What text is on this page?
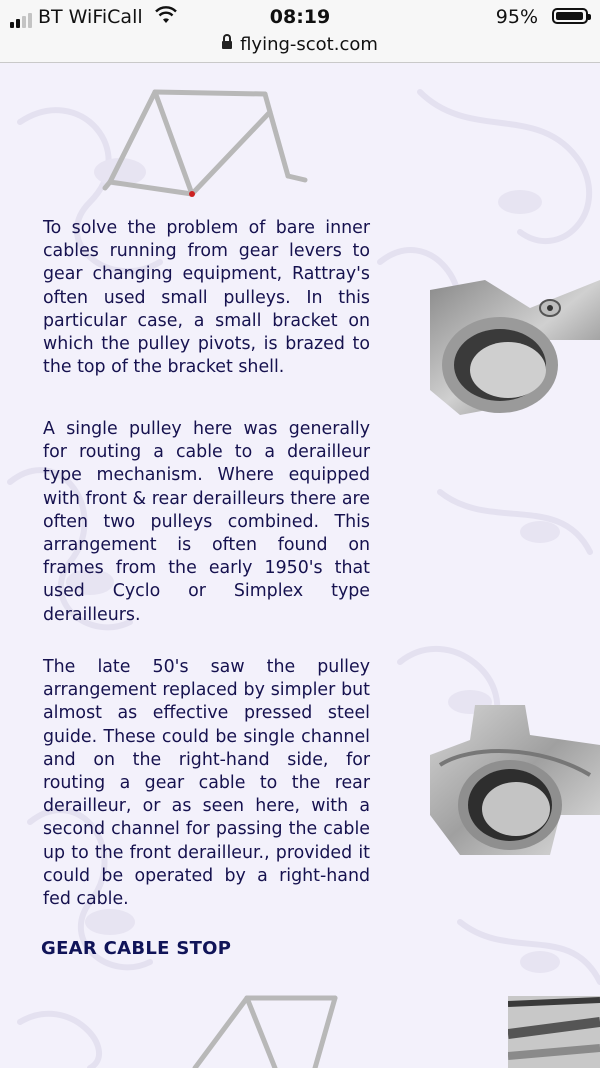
BT WiFiCall	08:19	95%
flying-scot.com

To solve the problem of bare inner cables running from gear levers to gear changing equipment, Rattray's often used small pulleys. In this particular case, a small bracket on which the pulley pivots, is brazed to the top of the bracket shell.

A single pulley here was generally for routing a cable to a derailleur type mechanism. Where equipped with front & rear derailleurs there are often two pulleys combined. This arrangement is often found on frames from the early 1950's that used Cyclo or Simplex type derailleurs.

The late 50's saw the pulley arrangement replaced by simpler but almost as effective pressed steel guide. These could be single channel and on the right-hand side, for routing a gear cable to the rear derailleur, or as seen here, with a second channel for passing the cable up to the front derailleur., provided it could be operated by a right-hand fed cable.

GEAR CABLE STOP
